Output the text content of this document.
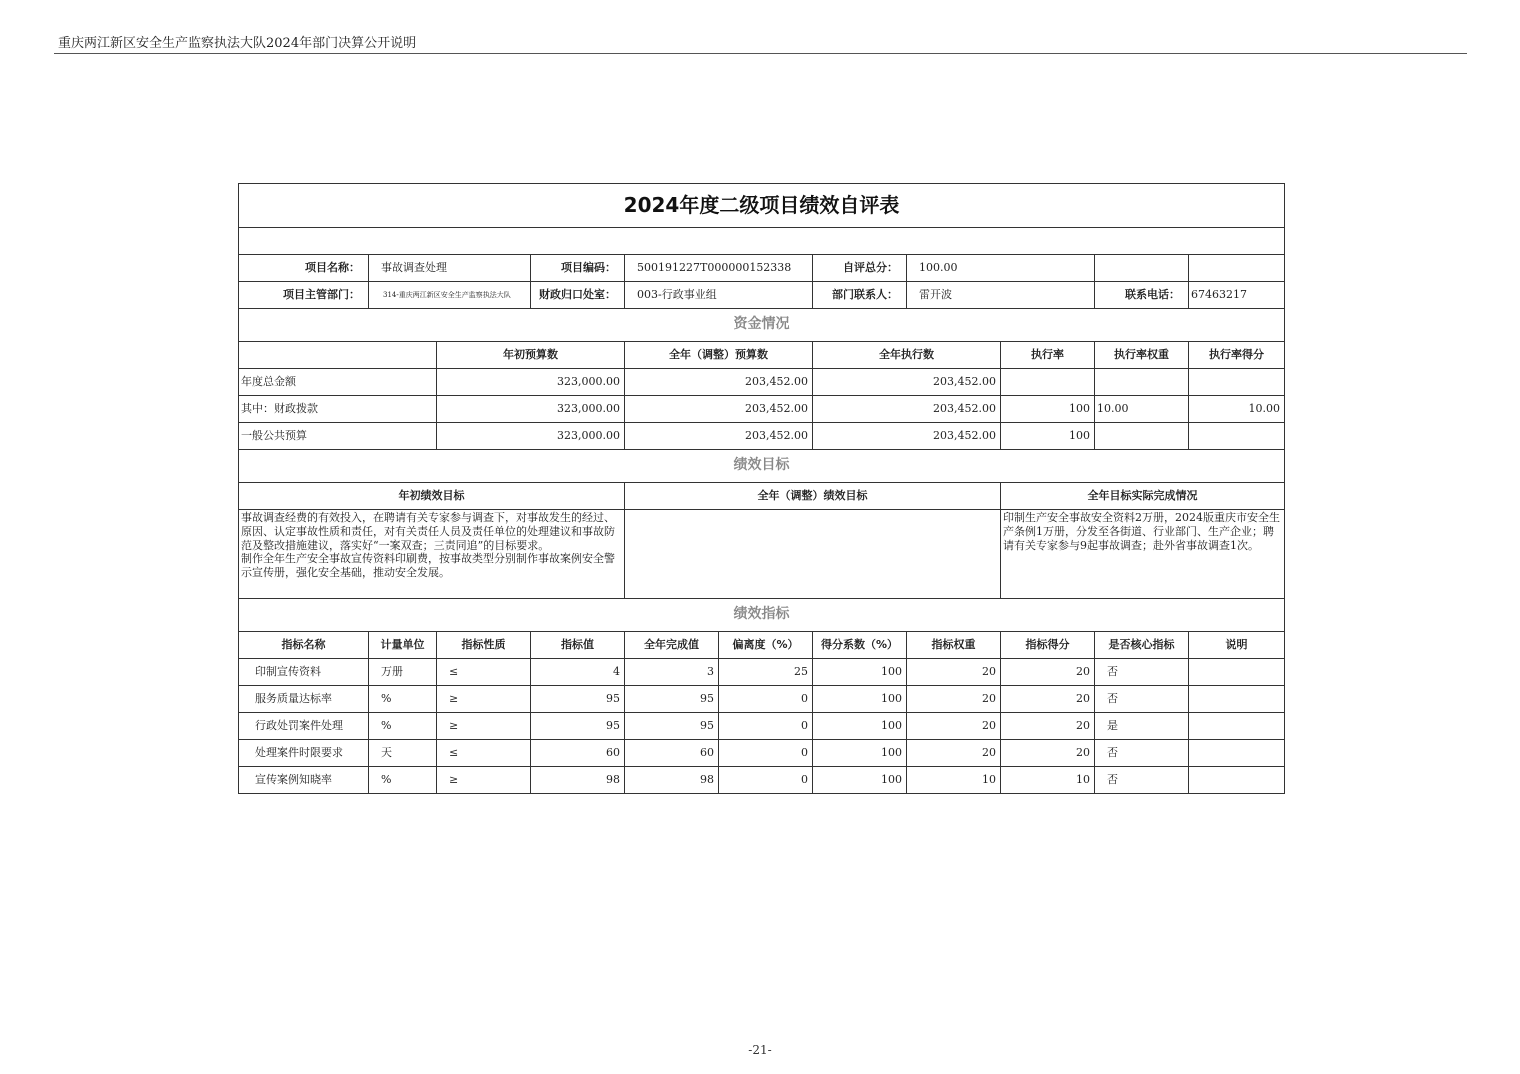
重庆两江新区安全生产监察执法大队2024年部门决算公开说明
2024年度二级项目绩效自评表										

项目名称：	事故调查处理		项目编码：	500191227T000000152338		自评总分：	100.00			
项目主管部门：	314-重庆两江新区安全生产监察执法大队		财政归口处室：	003-行政事业组		部门联系人：	雷开波		联系电话：	67463217
资金情况										
		年初预算数		全年（调整）预算数		全年执行数		执行率	执行率权重	执行率得分
年度总金额		323,000.00		203,452.00		203,452.00				
其中：财政拨款		323,000.00		203,452.00		203,452.00		100	10.00	10.00
一般公共预算		323,000.00		203,452.00		203,452.00		100		
绩效目标										
年初绩效目标				全年（调整）绩效目标				全年目标实际完成情况		

事故调查经费的有效投入，在聘请有关专家参与调查下，对事故发生的经过、原因、认定事故性质和责任，对有关责任人员及责任单位的处理建议和事故防范及整改措施建议，落实好“一案双查；三责同追”的目标要求。
制作全年生产安全事故宣传资料印刷费，按事故类型分别制作事故案例安全警示宣传册，强化安全基础，推动安全发展。								印制生产安全事故安全资料2万册，2024版重庆市安全生产条例1万册，分发至各街道、行业部门、生产企业；聘请有关专家参与9起事故调查；赴外省事故调查1次。		

绩效指标										
指标名称	计量单位	指标性质	指标值	全年完成值	偏离度（%）	得分系数（%）	指标权重	指标得分	是否核心指标	说明
印制宣传资料	万册	≤	4	3	25	100	20	20	否	
服务质量达标率	%	≥	95	95	0	100	20	20	否	
行政处罚案件处理	%	≥	95	95	0	100	20	20	是	
处理案件时限要求	天	≤	60	60	0	100	20	20	否	
宣传案例知晓率	%	≥	98	98	0	100	10	10	否	
-21-
